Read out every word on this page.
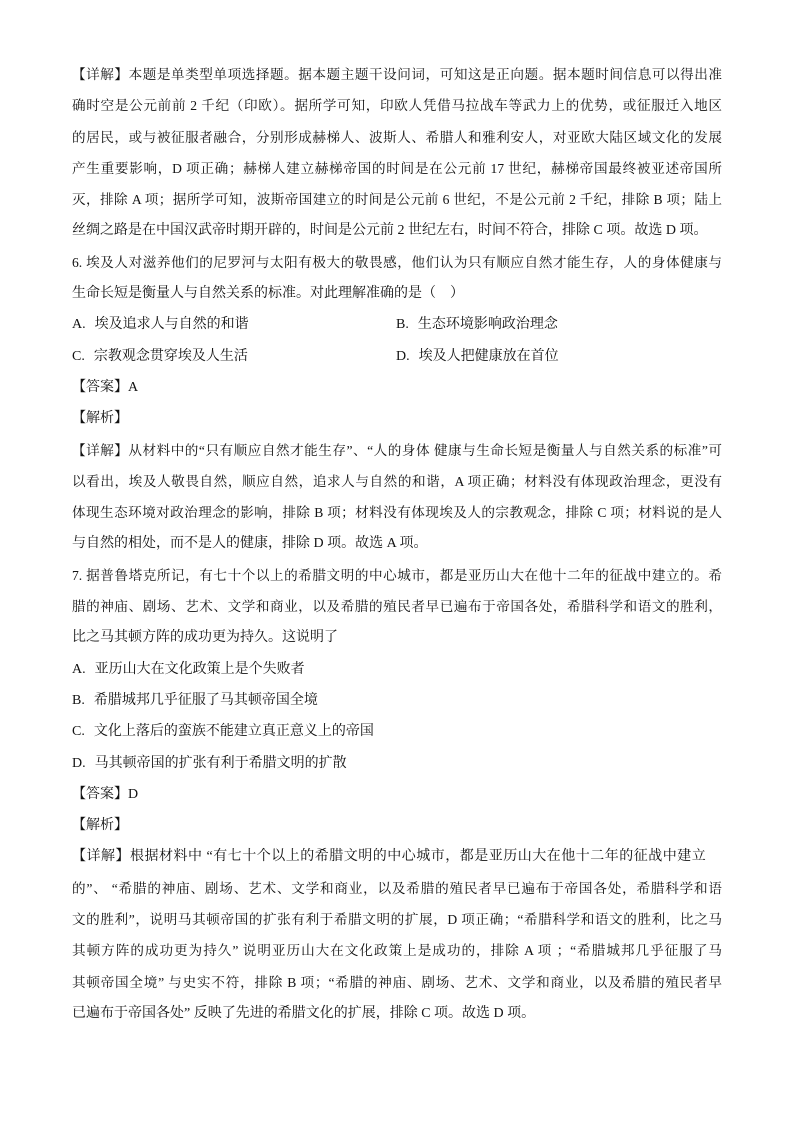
【详解】本题是单类型单项选择题。据本题主题干设问词，可知这是正向题。据本题时间信息可以得出准
确时空是公元前前 2 千纪（印欧）。据所学可知，印欧人凭借马拉战车等武力上的优势，或征服迁入地区
的居民，或与被征服者融合，分别形成赫梯人、波斯人、希腊人和雅利安人，对亚欧大陆区域文化的发展
产生重要影响，D 项正确；赫梯人建立赫梯帝国的时间是在公元前 17 世纪，赫梯帝国最终被亚述帝国所
灭，排除 A 项；据所学可知，波斯帝国建立的时间是公元前 6 世纪，不是公元前 2 千纪，排除 B 项；陆上
丝绸之路是在中国汉武帝时期开辟的，时间是公元前 2 世纪左右，时间不符合，排除 C 项。故选 D 项。
6. 埃及人对滋养他们的尼罗河与太阳有极大的敬畏感，他们认为只有顺应自然才能生存，人的身体健康与
生命长短是衡量人与自然关系的标准。对此理解准确的是（    ）
A. 埃及追求人与自然的和谐	B. 生态环境影响政治理念
C. 宗教观念贯穿埃及人生活	D. 埃及人把健康放在首位
【答案】A
【解析】
【详解】从材料中的“只有顺应自然才能生存”、“人的身体 健康与生命长短是衡量人与自然关系的标准”可
以看出，埃及人敬畏自然，顺应自然，追求人与自然的和谐，A 项正确；材料没有体现政治理念，更没有
体现生态环境对政治理念的影响，排除 B 项；材料没有体现埃及人的宗教观念，排除 C 项；材料说的是人
与自然的相处，而不是人的健康，排除 D 项。故选 A 项。
7. 据普鲁塔克所记，有七十个以上的希腊文明的中心城市，都是亚历山大在他十二年的征战中建立的。希
腊的神庙、剧场、艺术、文学和商业，以及希腊的殖民者早已遍布于帝国各处，希腊科学和语文的胜利，
比之马其顿方阵的成功更为持久。这说明了
A. 亚历山大在文化政策上是个失败者
B. 希腊城邦几乎征服了马其顿帝国全境
C. 文化上落后的蛮族不能建立真正意义上的帝国
D. 马其顿帝国的扩张有利于希腊文明的扩散
【答案】D
【解析】
【详解】根据材料中 “有七十个以上的希腊文明的中心城市，都是亚历山大在他十二年的征战中建立
的”、 “希腊的神庙、剧场、艺术、文学和商业，以及希腊的殖民者早已遍布于帝国各处，希腊科学和语
文的胜利”，说明马其顿帝国的扩张有利于希腊文明的扩展，D 项正确；“希腊科学和语文的胜利，比之马
其顿方阵的成功更为持久” 说明亚历山大在文化政策上是成功的，排除 A 项 ；“希腊城邦几乎征服了马
其顿帝国全境” 与史实不符，排除 B 项；“希腊的神庙、剧场、艺术、文学和商业，以及希腊的殖民者早
已遍布于帝国各处” 反映了先进的希腊文化的扩展，排除 C 项。故选 D 项。
